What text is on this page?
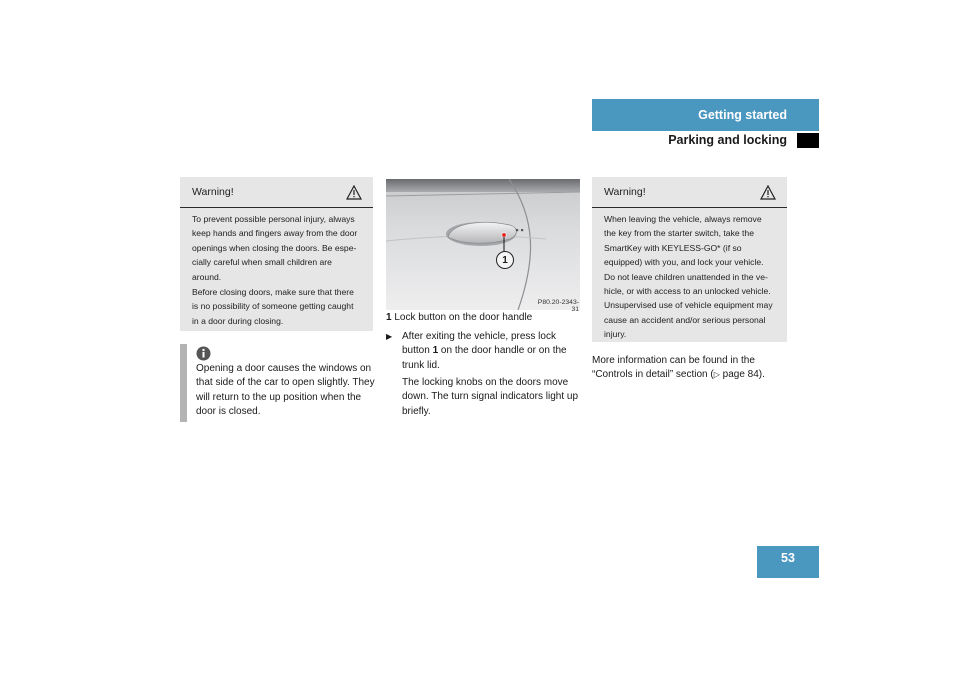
Getting started
Parking and locking
Warning!

To prevent possible personal injury, always keep hands and fingers away from the door openings when closing the doors. Be espe-cially careful when small children are around.

Before closing doors, make sure that there is no possibility of someone getting caught in a door during closing.

Opening a door causes the windows on that side of the car to open slightly. They will return to the up position when the door is closed.
1
P80.20-2343-31
1 Lock button on the door handle
▶ After exiting the vehicle, press lock button 1 on the door handle or on the trunk lid.
The locking knobs on the doors move down. The turn signal indicators light up briefly.
Warning!

When leaving the vehicle, always remove the key from the starter switch, take the SmartKey with KEYLESS-GO* (if so equipped) with you, and lock your vehicle. Do not leave children unattended in the ve-hicle, or with access to an unlocked vehicle. Unsupervised use of vehicle equipment may cause an accident and/or serious personal injury.

More information can be found in the “Controls in detail” section (▷ page 84).
53
